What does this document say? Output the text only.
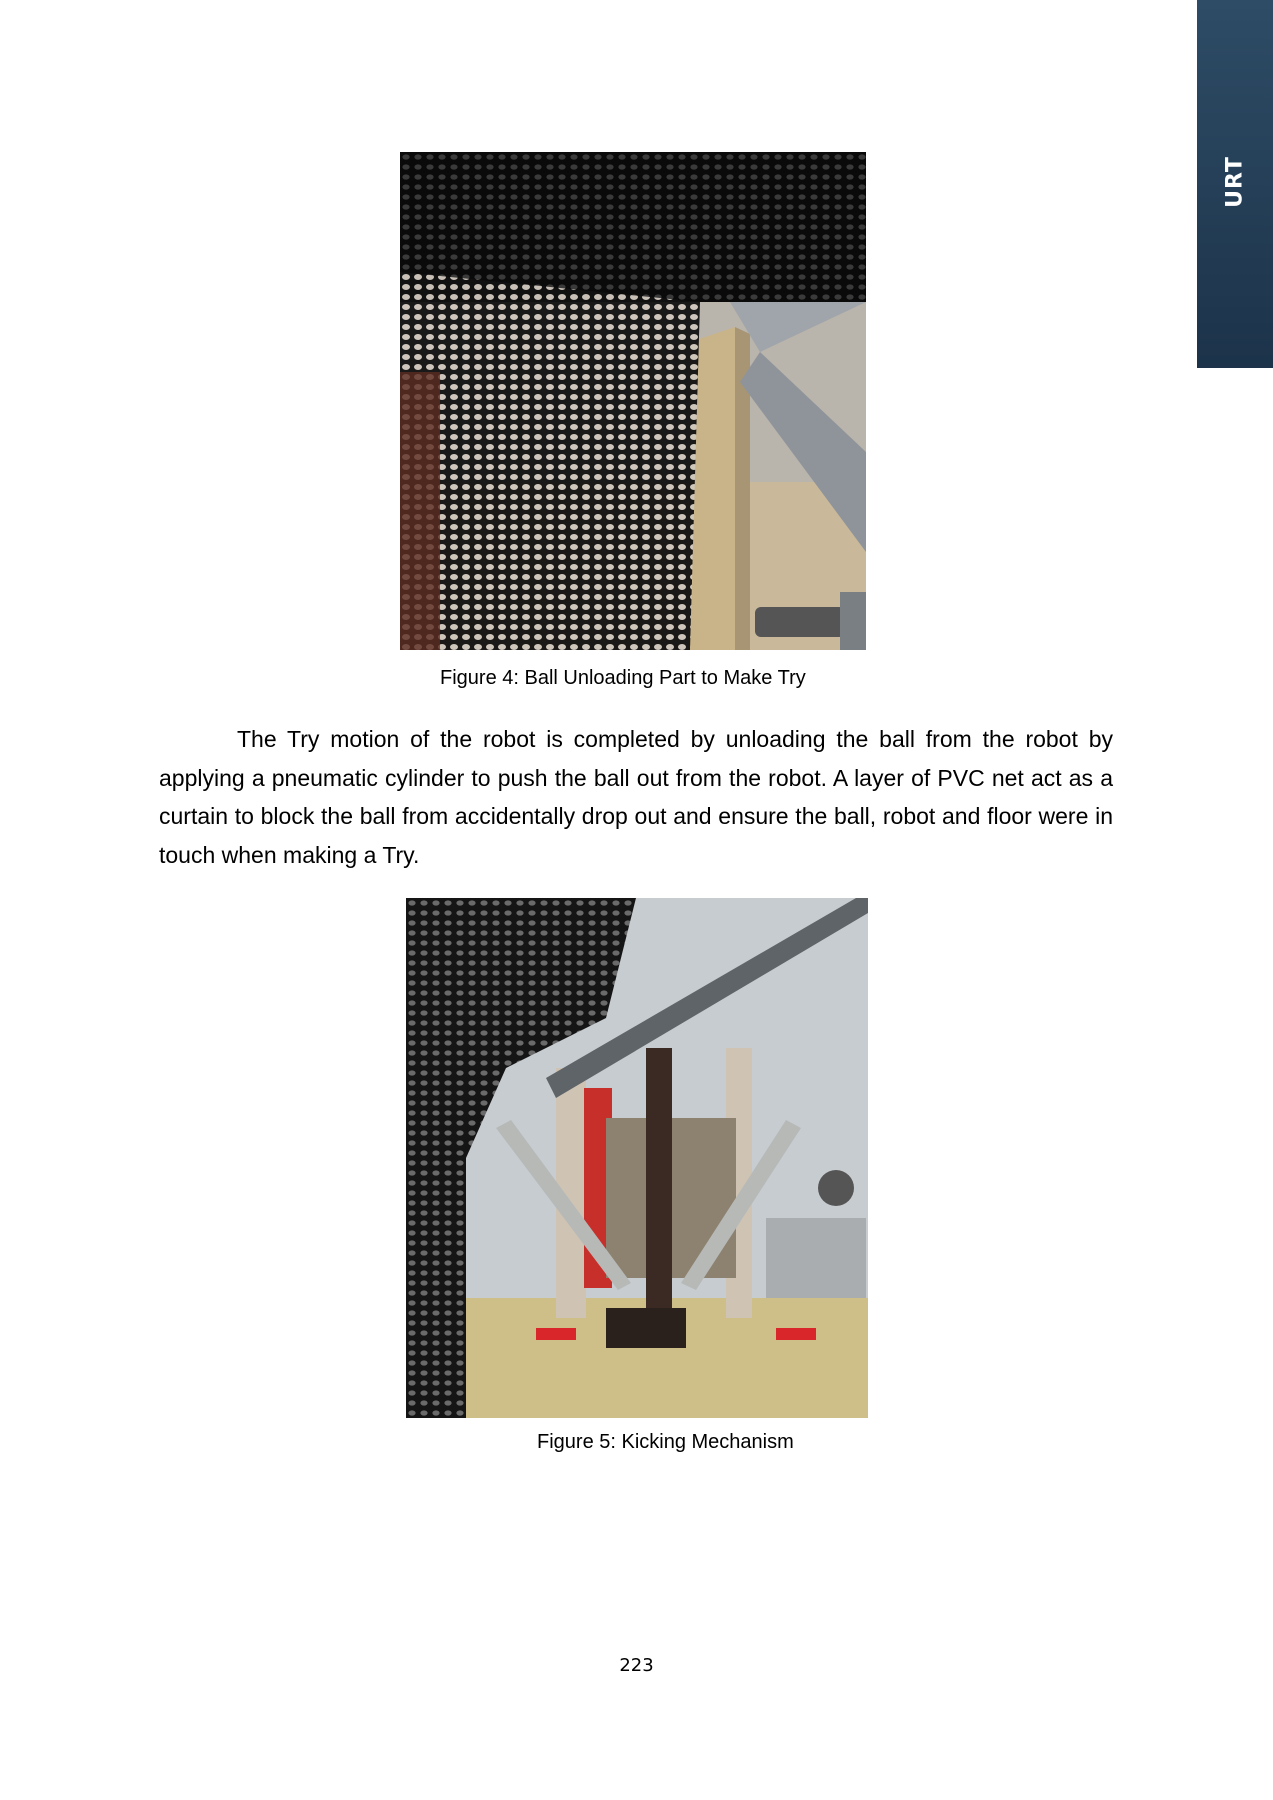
URT
Figure 4: Ball Unloading Part to Make Try

The Try motion of the robot is completed by unloading the ball from the robot by applying a pneumatic cylinder to push the ball out from the robot. A layer of PVC net act as a curtain to block the ball from accidentally drop out and ensure the ball, robot and floor were in touch when making a Try.

Figure 5: Kicking Mechanism
223
